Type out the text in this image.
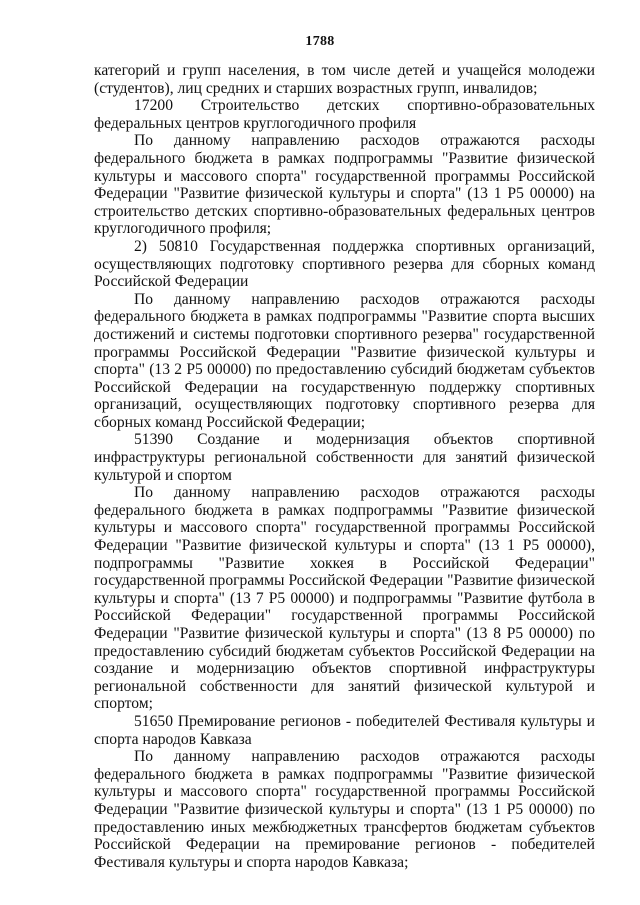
1788

категорий и групп населения, в том числе детей и учащейся молодежи (студентов), лиц средних и старших возрастных групп, инвалидов;

17200 Строительство детских спортивно-образовательных федеральных центров круглогодичного профиля

По данному направлению расходов отражаются расходы федерального бюджета в рамках подпрограммы "Развитие физической культуры и массового спорта" государственной программы Российской Федерации "Развитие физической культуры и спорта" (13 1 Р5 00000) на строительство детских спортивно-образовательных федеральных центров круглогодичного профиля;

2) 50810 Государственная поддержка спортивных организаций, осуществляющих подготовку спортивного резерва для сборных команд Российской Федерации

По данному направлению расходов отражаются расходы федерального бюджета в рамках подпрограммы "Развитие спорта высших достижений и системы подготовки спортивного резерва" государственной программы Российской Федерации "Развитие физической культуры и спорта" (13 2 Р5 00000) по предоставлению субсидий бюджетам субъектов Российской Федерации на государственную поддержку спортивных организаций, осуществляющих подготовку спортивного резерва для сборных команд Российской Федерации;

51390 Создание и модернизация объектов спортивной инфраструктуры региональной собственности для занятий физической культурой и спортом

По данному направлению расходов отражаются расходы федерального бюджета в рамках подпрограммы "Развитие физической культуры и массового спорта" государственной программы Российской Федерации "Развитие физической культуры и спорта" (13 1 Р5 00000), подпрограммы "Развитие хоккея в Российской Федерации" государственной программы Российской Федерации "Развитие физической культуры и спорта" (13 7 Р5 00000) и подпрограммы "Развитие футбола в Российской Федерации" государственной программы Российской Федерации "Развитие физической культуры и спорта" (13 8 Р5 00000) по предоставлению субсидий бюджетам субъектов Российской Федерации на создание и модернизацию объектов спортивной инфраструктуры региональной собственности для занятий физической культурой и спортом;

51650 Премирование регионов - победителей Фестиваля культуры и спорта народов Кавказа

По данному направлению расходов отражаются расходы федерального бюджета в рамках подпрограммы "Развитие физической культуры и массового спорта" государственной программы Российской Федерации "Развитие физической культуры и спорта" (13 1 Р5 00000) по предоставлению иных межбюджетных трансфертов бюджетам субъектов Российской Федерации на премирование регионов - победителей Фестиваля культуры и спорта народов Кавказа;
